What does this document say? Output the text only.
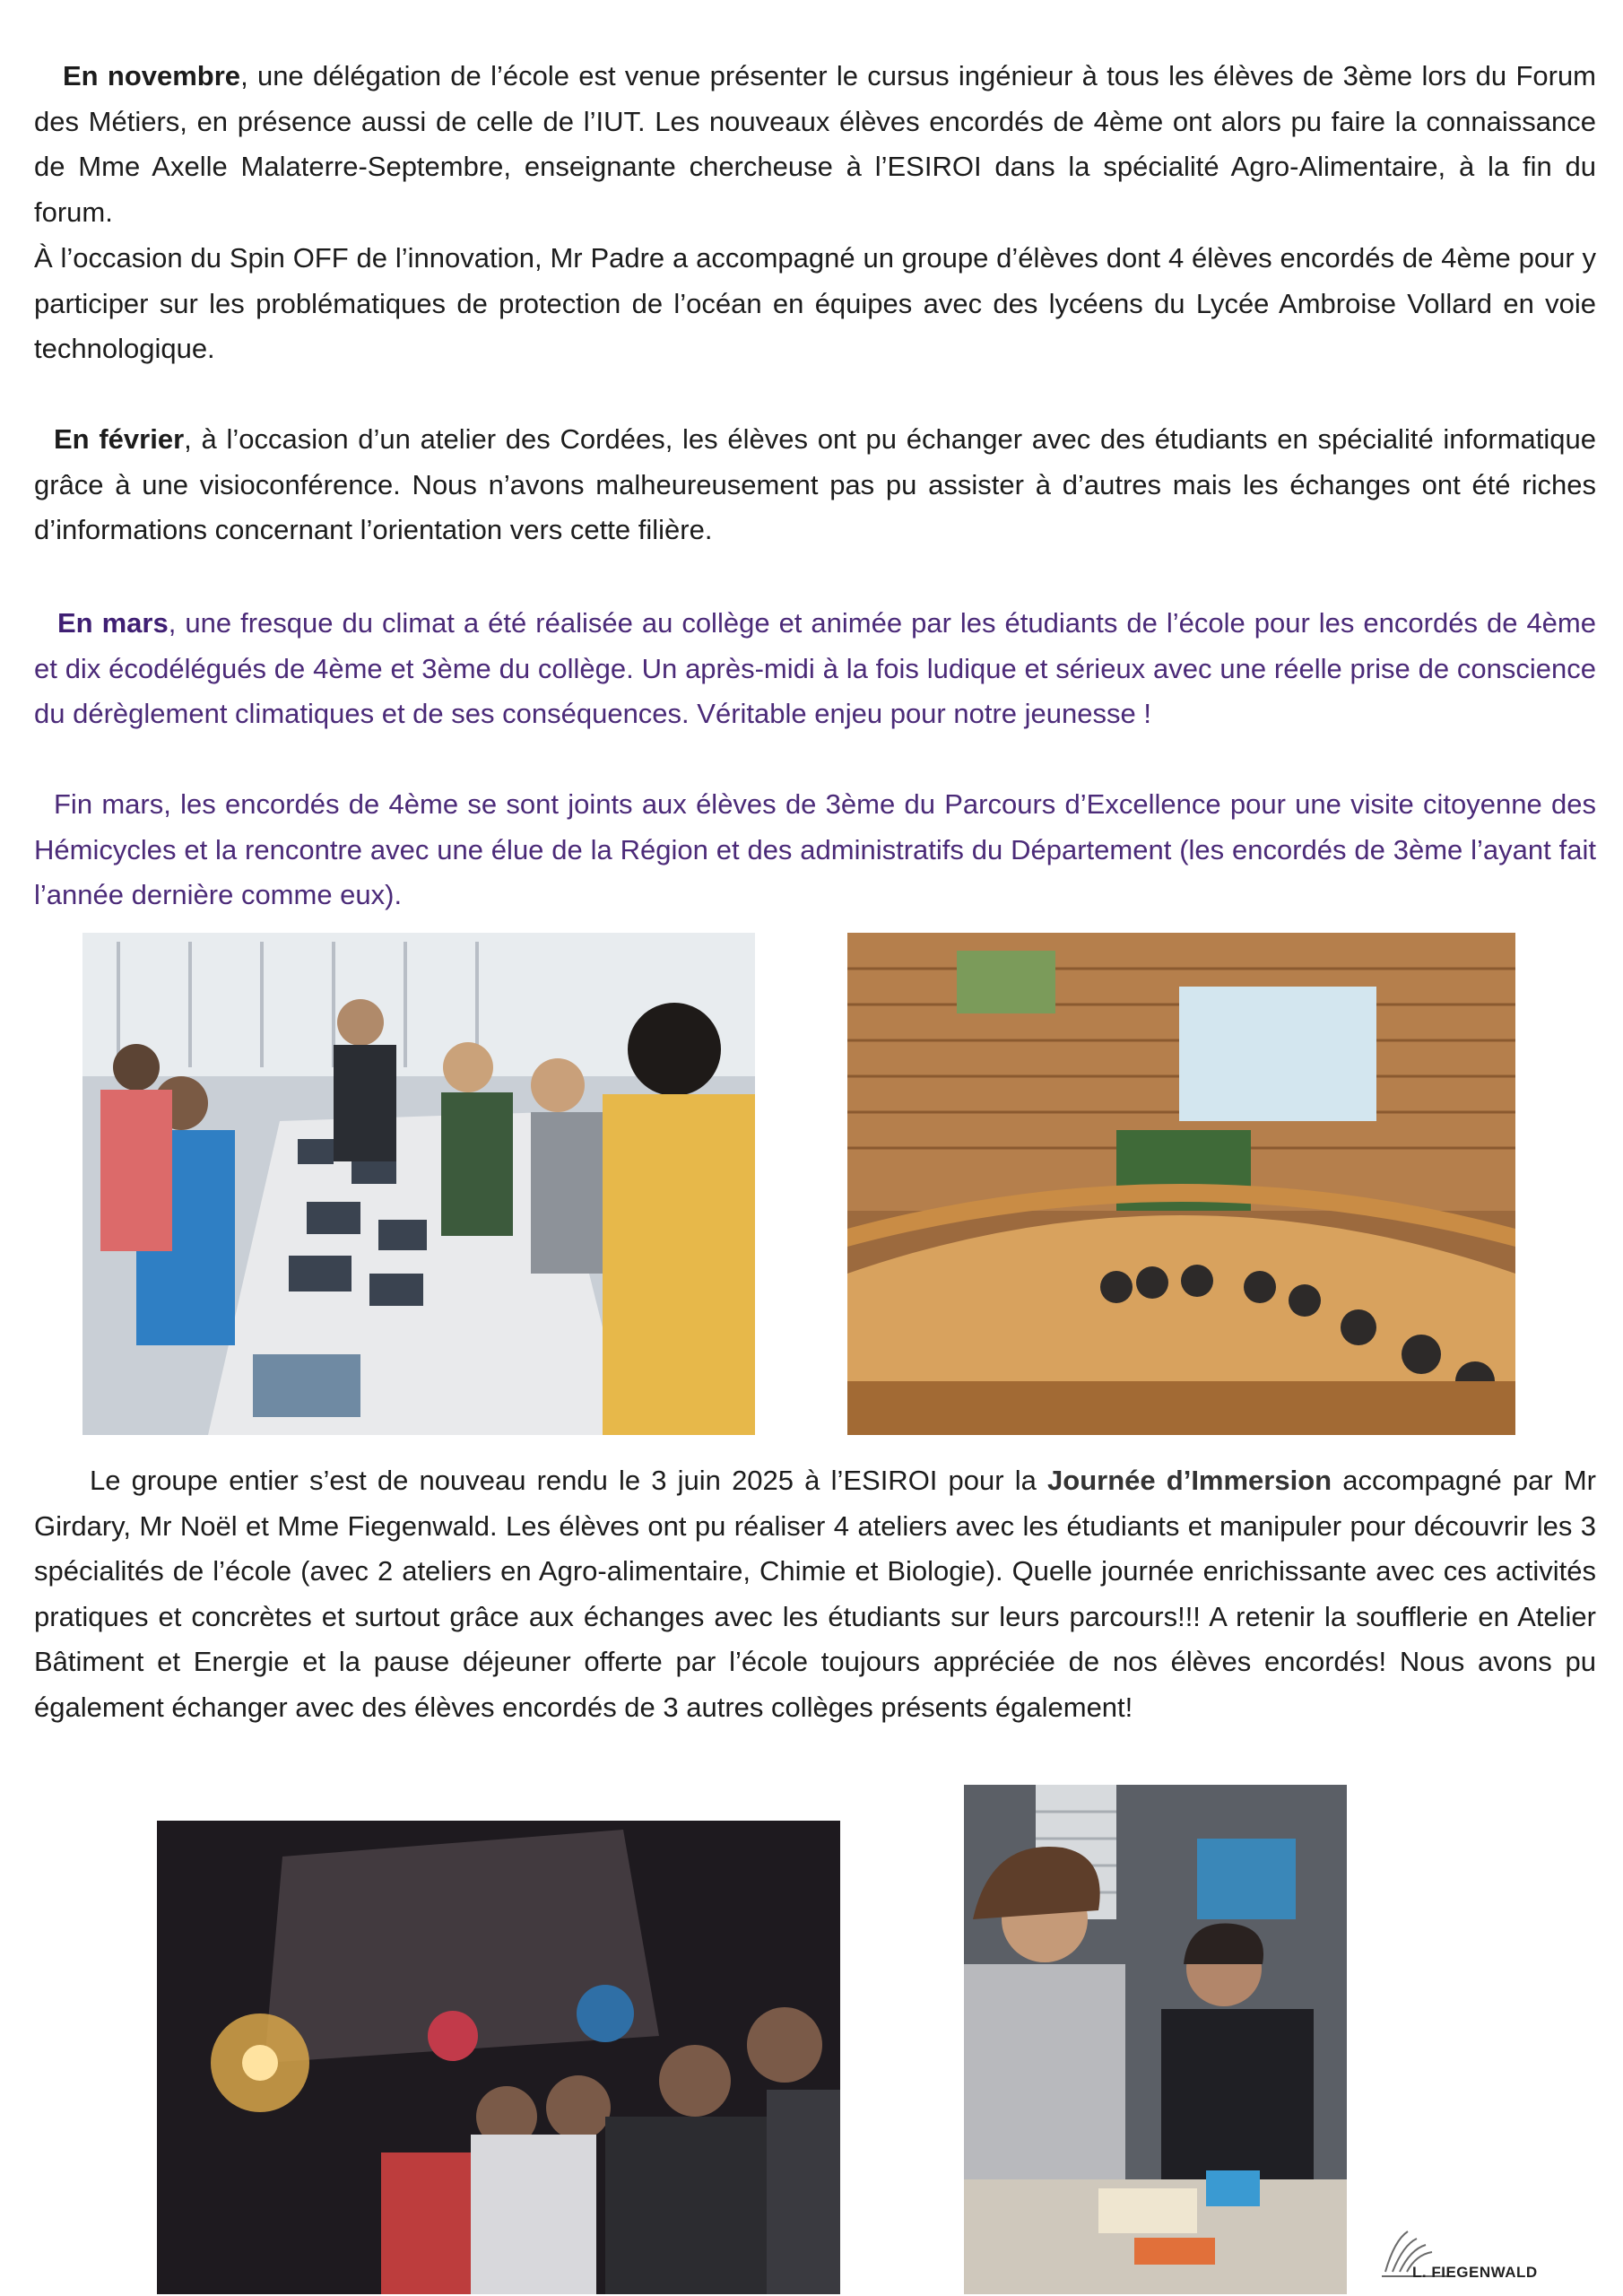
En novembre, une délégation de l’école est venue présenter le cursus ingénieur à tous les élèves de 3ème lors du Forum des Métiers, en présence aussi de celle de l’IUT. Les nouveaux élèves encordés de 4ème ont alors pu faire la connaissance de Mme Axelle Malaterre-Septembre, enseignante chercheuse à l’ESIROI dans la spécialité Agro-Alimentaire, à la fin du forum.

À l’occasion du Spin OFF de l’innovation, Mr Padre a accompagné un groupe d’élèves dont 4 élèves encordés de 4ème pour y participer sur les problématiques de protection de l’océan en équipes avec des lycéens du Lycée Ambroise Vollard en voie technologique.

En février, à l’occasion d’un atelier des Cordées, les élèves ont pu échanger avec des étudiants en spécialité informatique grâce à une visioconférence. Nous n’avons malheureusement pas pu assister à d’autres mais les échanges ont été riches d’informations concernant l’orientation vers cette filière.

En mars, une fresque du climat a été réalisée au collège et animée par les étudiants de l’école pour les encordés de 4ème et dix écodélégués de 4ème et 3ème du collège. Un après-midi à la fois ludique et sérieux avec une réelle prise de conscience du dérèglement climatiques et de ses conséquences. Véritable enjeu pour notre jeunesse !

Fin mars, les encordés de 4ème se sont joints aux élèves de 3ème du Parcours d’Excellence pour une visite citoyenne des Hémicycles et la rencontre avec une élue de la Région et des administratifs du Département (les encordés de 3ème l’ayant fait l’année dernière comme eux).

Le groupe entier s’est de nouveau rendu le 3 juin 2025 à l’ESIROI pour la Journée d’Immersion accompagné par Mr Girdary, Mr Noël et Mme Fiegenwald. Les élèves ont pu réaliser 4 ateliers avec les étudiants et manipuler pour découvrir les 3 spécialités de l’école (avec 2 ateliers en Agro-alimentaire, Chimie et Biologie). Quelle journée enrichissante avec ces activités pratiques et concrètes et surtout grâce aux échanges avec les étudiants sur leurs parcours!!! A retenir la soufflerie en Atelier Bâtiment et Energie et la pause déjeuner offerte par l’école toujours appréciée de nos élèves encordés! Nous avons pu également échanger avec des élèves encordés de 3 autres collèges présents également!

L. FIEGENWALD
